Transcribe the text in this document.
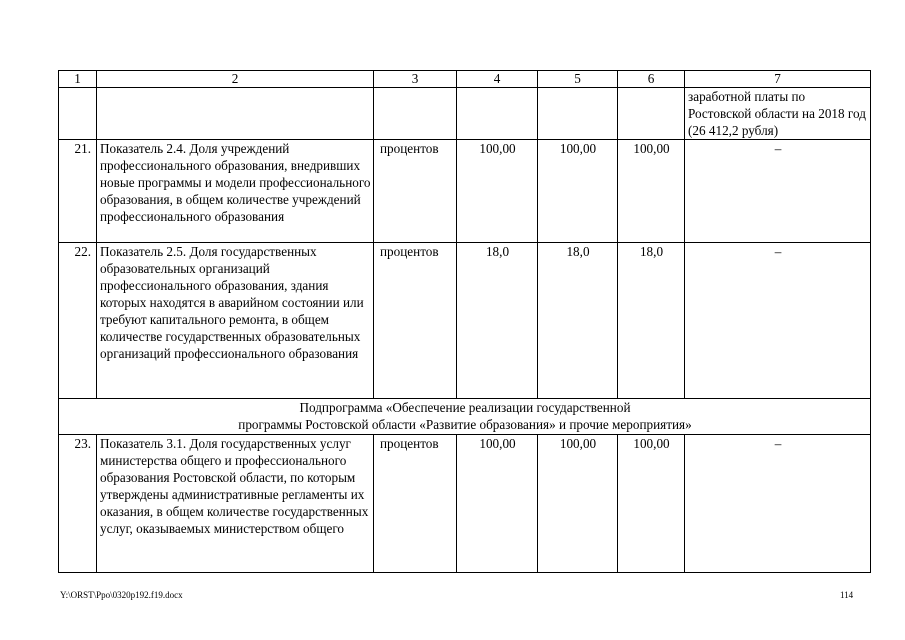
1	2	3	4	5	6	7
						заработной платы по Ростовской области на 2018 год (26 412,2 рубля)
21.	Показатель 2.4. Доля учреждений профессионального образования, внедривших новые программы и модели профессионального образования, в общем количестве учреждений профессионального образования	процентов	100,00	100,00	100,00	–
22.	Показатель 2.5. Доля государственных образовательных организаций профессионального образования, здания которых находятся в аварийном состоянии или требуют капитального ремонта, в общем количестве государственных образовательных организаций профессионального образования	процентов	18,0	18,0	18,0	–

Подпрограмма «Обеспечение реализации государственной
программы Ростовской области «Развитие образования» и прочие мероприятия»						

23.	Показатель 3.1. Доля государственных услуг министерства общего и профессионального образования Ростовской области, по которым утверждены административные регламенты их оказания, в общем количестве государственных услуг, оказываемых министерством общего	процентов	100,00	100,00	100,00	–
Y:\ORST\Ppo\0320p192.f19.docx	114
